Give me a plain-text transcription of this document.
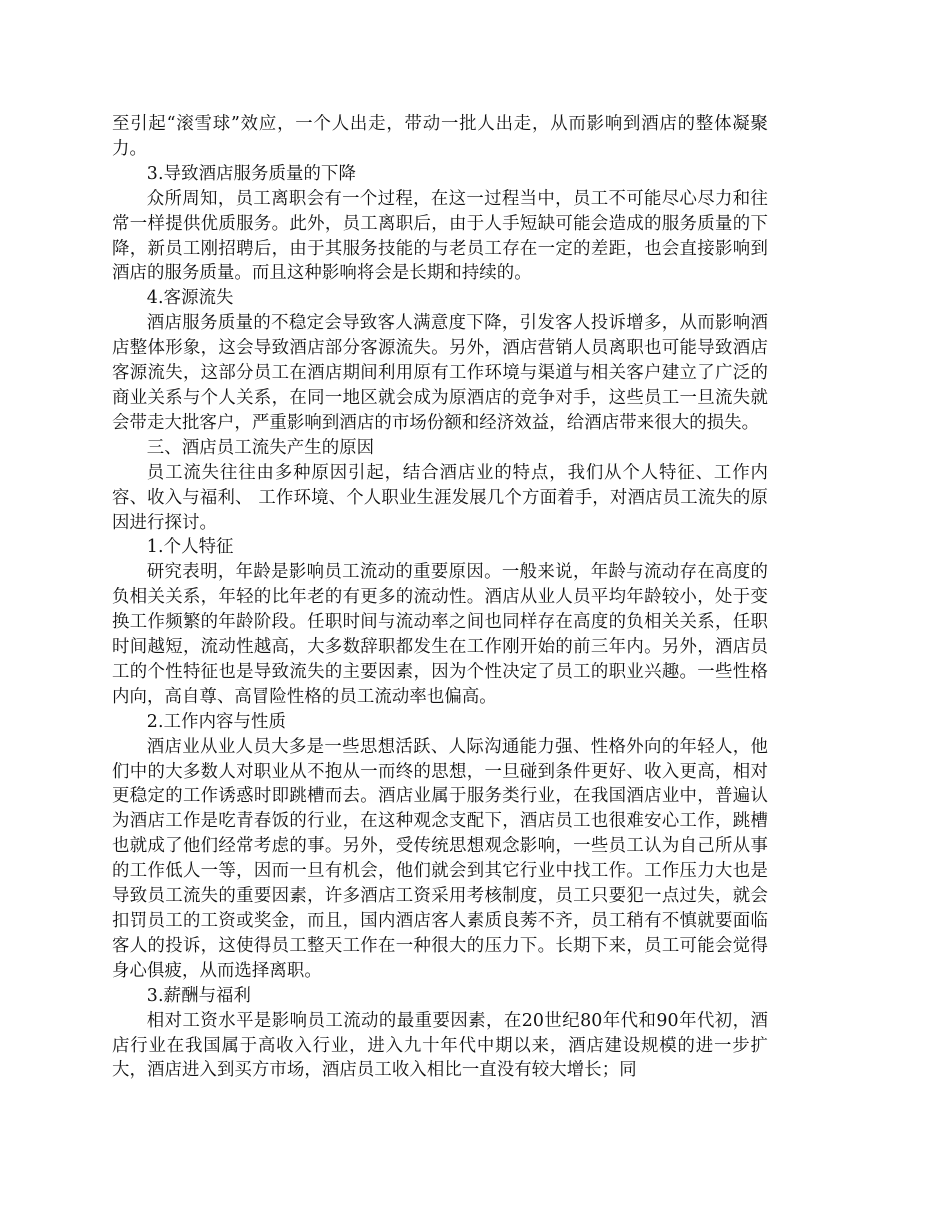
至引起“滚雪球”效应，一个人出走，带动一批人出走，从而影响到酒店的整体凝聚力。

3.导致酒店服务质量的下降

众所周知，员工离职会有一个过程，在这一过程当中，员工不可能尽心尽力和往常一样提供优质服务。此外，员工离职后，由于人手短缺可能会造成的服务质量的下降，新员工刚招聘后，由于其服务技能的与老员工存在一定的差距，也会直接影响到酒店的服务质量。而且这种影响将会是长期和持续的。

4.客源流失

酒店服务质量的不稳定会导致客人满意度下降，引发客人投诉增多，从而影响酒店整体形象，这会导致酒店部分客源流失。另外，酒店营销人员离职也可能导致酒店客源流失，这部分员工在酒店期间利用原有工作环境与渠道与相关客户建立了广泛的商业关系与个人关系，在同一地区就会成为原酒店的竞争对手，这些员工一旦流失就会带走大批客户，严重影响到酒店的市场份额和经济效益，给酒店带来很大的损失。

三、酒店员工流失产生的原因

员工流失往往由多种原因引起，结合酒店业的特点，我们从个人特征、工作内容、收入与福利、 工作环境、个人职业生涯发展几个方面着手，对酒店员工流失的原因进行探讨。

1.个人特征

研究表明，年龄是影响员工流动的重要原因。一般来说，年龄与流动存在高度的负相关关系，年轻的比年老的有更多的流动性。酒店从业人员平均年龄较小，处于变换工作频繁的年龄阶段。任职时间与流动率之间也同样存在高度的负相关关系，任职时间越短，流动性越高，大多数辞职都发生在工作刚开始的前三年内。另外，酒店员工的个性特征也是导致流失的主要因素，因为个性决定了员工的职业兴趣。一些性格内向，高自尊、高冒险性格的员工流动率也偏高。

2.工作内容与性质

酒店业从业人员大多是一些思想活跃、人际沟通能力强、性格外向的年轻人，他们中的大多数人对职业从不抱从一而终的思想，一旦碰到条件更好、收入更高，相对更稳定的工作诱惑时即跳槽而去。酒店业属于服务类行业，在我国酒店业中，普遍认为酒店工作是吃青春饭的行业，在这种观念支配下，酒店员工也很难安心工作，跳槽也就成了他们经常考虑的事。另外，受传统思想观念影响，一些员工认为自己所从事的工作低人一等，因而一旦有机会，他们就会到其它行业中找工作。工作压力大也是导致员工流失的重要因素，许多酒店工资采用考核制度，员工只要犯一点过失，就会扣罚员工的工资或奖金，而且，国内酒店客人素质良莠不齐，员工稍有不慎就要面临客人的投诉，这使得员工整天工作在一种很大的压力下。长期下来，员工可能会觉得身心俱疲，从而选择离职。

3.薪酬与福利

相对工资水平是影响员工流动的最重要因素，在20世纪80年代和90年代初，酒店行业在我国属于高收入行业，进入九十年代中期以来，酒店建设规模的进一步扩大，酒店进入到买方市场，酒店员工收入相比一直没有较大增长；同
